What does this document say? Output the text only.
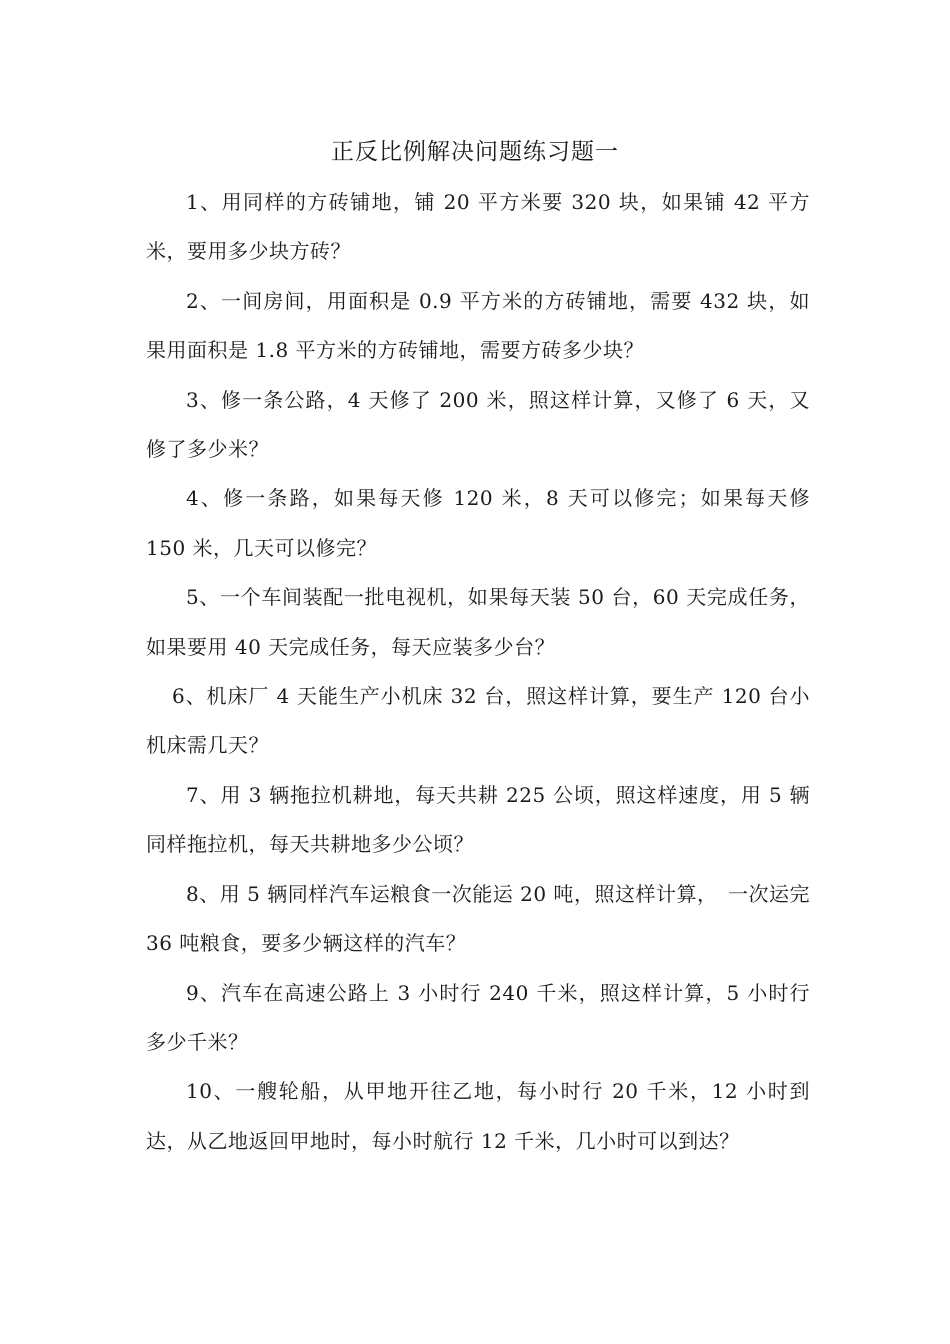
正反比例解决问题练习题一

1、用同样的方砖铺地，铺 20 平方米要 320 块，如果铺 42 平方米，要用多少块方砖？

2、一间房间，用面积是 0.9 平方米的方砖铺地，需要 432 块，如果用面积是 1.8 平方米的方砖铺地，需要方砖多少块？

3、修一条公路，4 天修了 200 米，照这样计算，又修了 6 天，又修了多少米？

4、修一条路，如果每天修 120 米，8 天可以修完；如果每天修 150 米，几天可以修完？

5、一个车间装配一批电视机，如果每天装 50 台，60 天完成任务，如果要用 40 天完成任务，每天应装多少台？

6、机床厂 4 天能生产小机床 32 台，照这样计算，要生产 120 台小机床需几天？

7、用 3 辆拖拉机耕地，每天共耕 225 公顷，照这样速度，用 5 辆同样拖拉机，每天共耕地多少公顷？

8、用 5 辆同样汽车运粮食一次能运 20 吨，照这样计算，　一次运完 36 吨粮食，要多少辆这样的汽车？

9、汽车在高速公路上 3 小时行 240 千米，照这样计算，5 小时行多少千米？

10、一艘轮船，从甲地开往乙地，每小时行 20 千米，12 小时到达，从乙地返回甲地时，每小时航行 12 千米，几小时可以到达？
